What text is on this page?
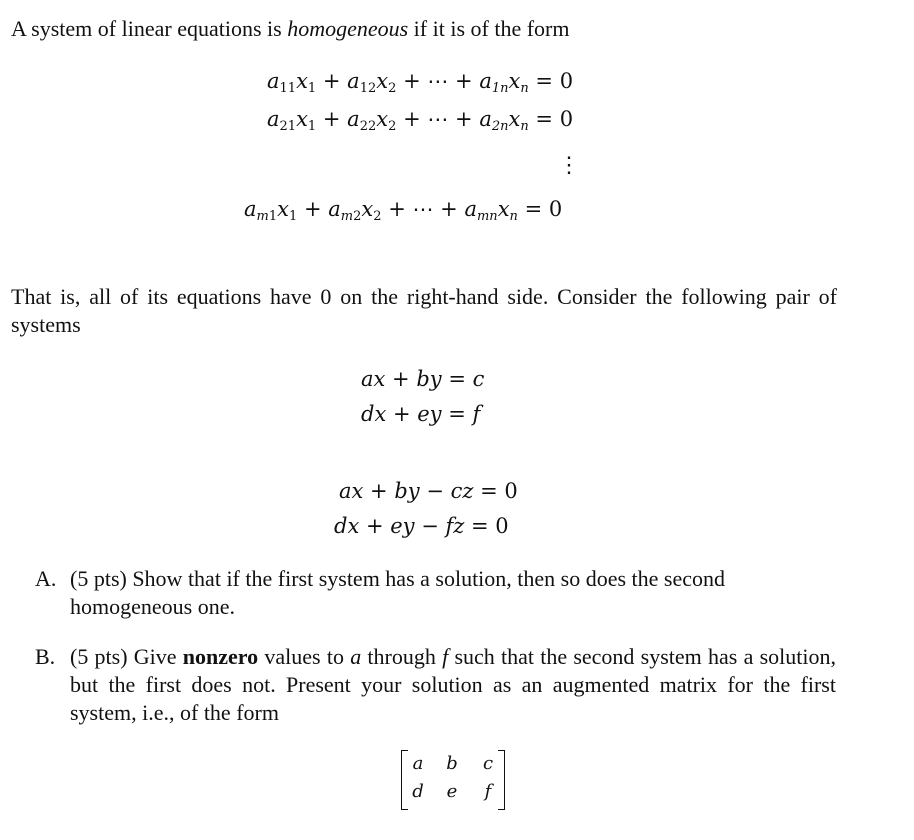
A system of linear equations is homogeneous if it is of the form
$a_{11}x_1 + a_{12}x_2$ + ⋯ + $a_{1n}x_n = 0$
$a_{21}x_1 + a_{22}x_2$ + ⋯ + $a_{2n}x_n = 0$
⋮
$a_{m1}x_1 + a_{m2}x_2$ + ⋯ + $a_{mn}x_n = 0$
That is, all of its equations have 0 on the right-hand side. Consider the following pair of systems
ax + by = c
dx + ey = f
ax + by − cz = 0
dx + ey − fz = 0
A. (5 pts) Show that if the first system has a solution, then so does the second homogeneous one.
B. (5 pts) Give nonzero values to a through f such that the second system has a solution, but the first does not. Present your solution as an augmented matrix for the first system, i.e., of the form
a b c
d e	f
